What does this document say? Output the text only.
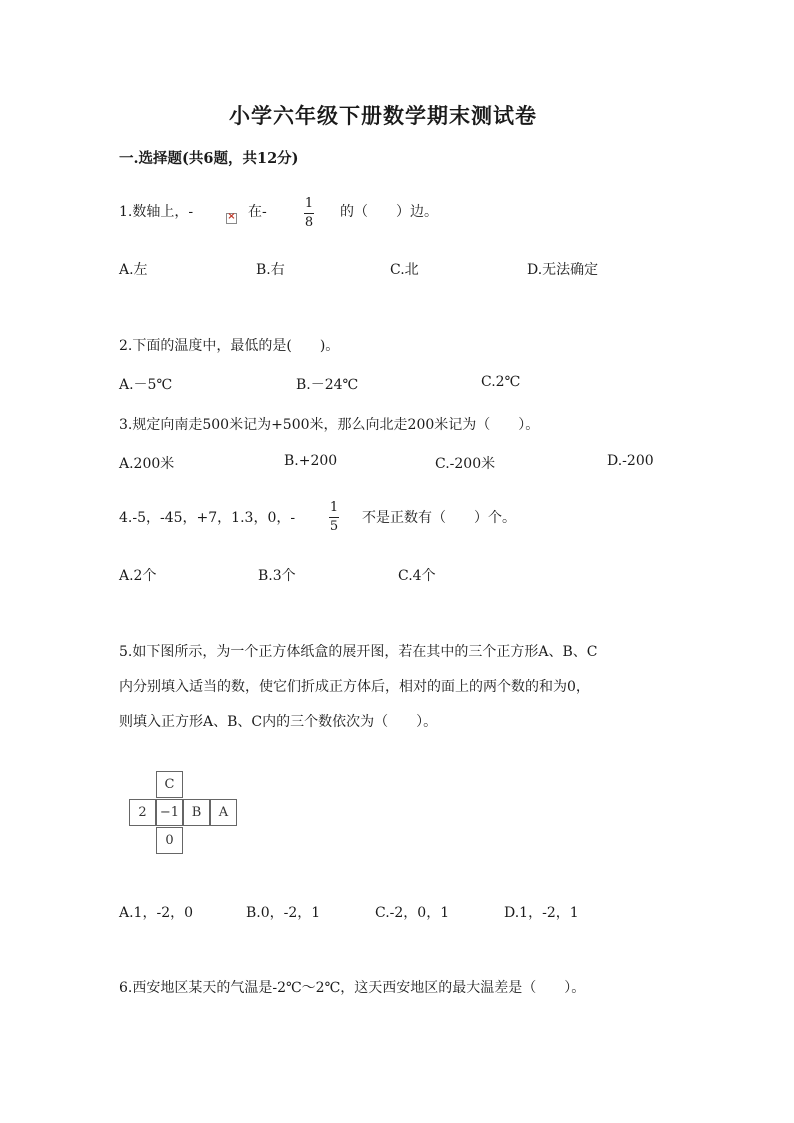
小学六年级下册数学期末测试卷
一.选择题(共6题，共12分)
1.数轴上，-	× 在-
1
8
的（　　）边。
A.左	B.右	C.北	D.无法确定
2.下面的温度中，最低的是(　　)。
A.－5℃	B.－24℃	C.2℃
3.规定向南走500米记为+500米，那么向北走200米记为（　　）。
A.200米	B.+200	C.-200米	D.-200
4.-5，-45，+7，1.3，0，-
1
5
不是正数有（　　）个。
A.2个	B.3个	C.4个
5.如下图所示，为一个正方体纸盒的展开图，若在其中的三个正方形A、B、C
内分别填入适当的数，使它们折成正方体后，相对的面上的两个数的和为0，
则填入正方形A、B、C内的三个数依次为（　　）。
C
2	−1 B	A
0
A.1，-2，0	B.0，-2，1	C.-2，0，1	D.1，-2，1
6.西安地区某天的气温是-2℃～2℃，这天西安地区的最大温差是（　　）。
